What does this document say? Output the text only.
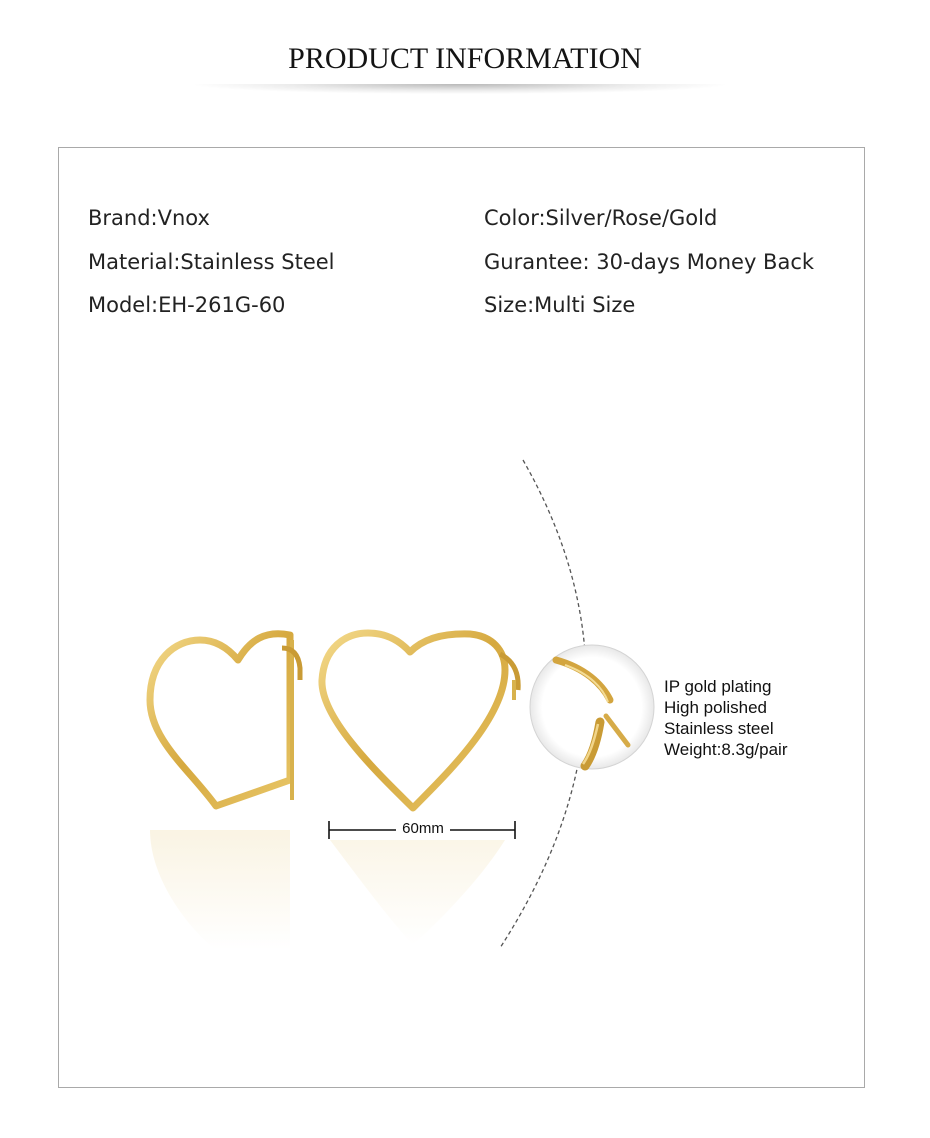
PRODUCT INFORMATION
Brand:Vnox
Material:Stainless Steel
Model:EH-261G-60
Color:Silver/Rose/Gold
Gurantee: 30-days Money Back
Size:Multi Size
60mm
IP gold plating
High polished
Stainless steel
Weight:8.3g/pair
